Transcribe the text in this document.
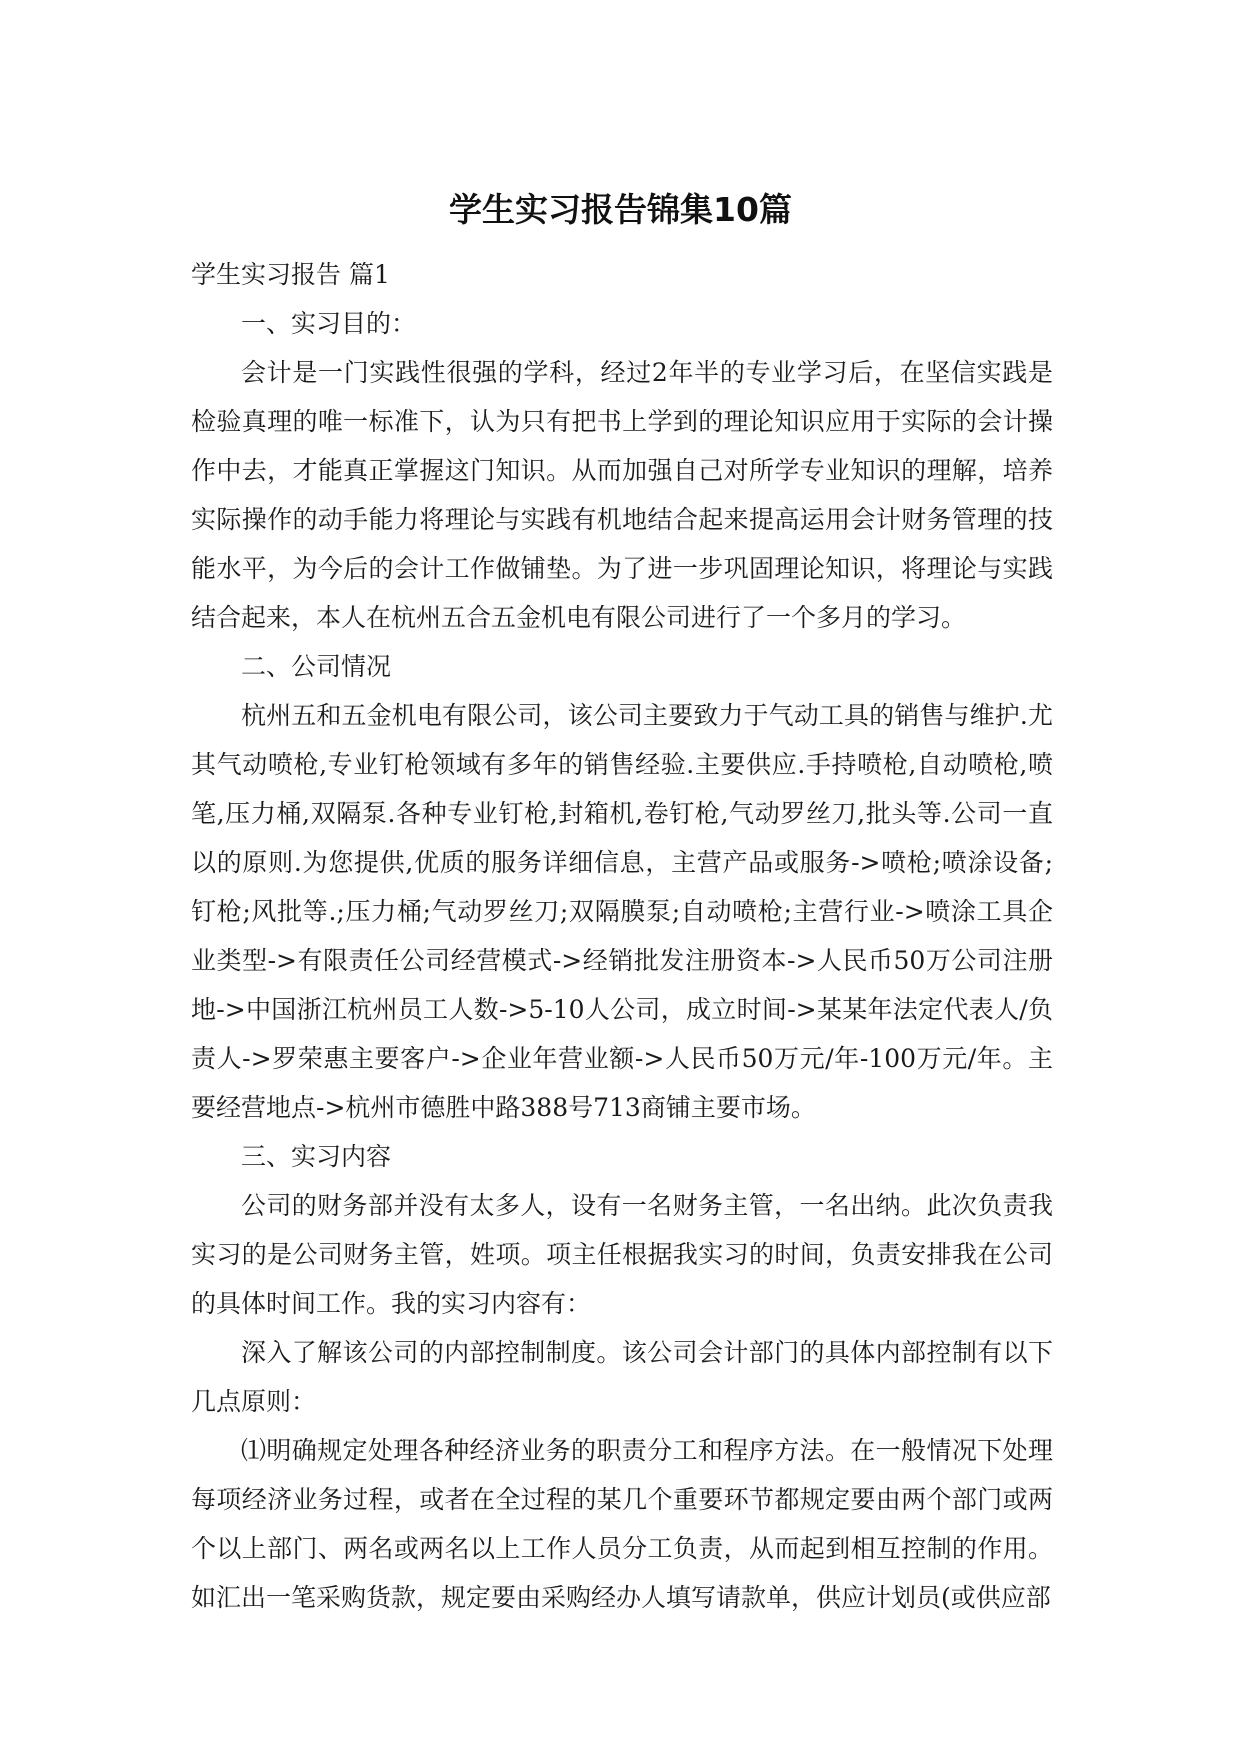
学生实习报告锦集10篇

学生实习报告 篇1

一、实习目的：

会计是一门实践性很强的学科，经过2年半的专业学习后，在坚信实践是检验真理的唯一标准下，认为只有把书上学到的理论知识应用于实际的会计操作中去，才能真正掌握这门知识。从而加强自己对所学专业知识的理解，培养实际操作的动手能力将理论与实践有机地结合起来提高运用会计财务管理的技能水平，为今后的会计工作做铺垫。为了进一步巩固理论知识，将理论与实践结合起来，本人在杭州五合五金机电有限公司进行了一个多月的学习。

二、公司情况

杭州五和五金机电有限公司，该公司主要致力于气动工具的销售与维护.尤其气动喷枪,专业钉枪领域有多年的销售经验.主要供应.手持喷枪,自动喷枪,喷笔,压力桶,双隔泵.各种专业钉枪,封箱机,卷钉枪,气动罗丝刀,批头等.公司一直以的原则.为您提供,优质的服务详细信息，主营产品或服务->喷枪;喷涂设备;钉枪;风批等.;压力桶;气动罗丝刀;双隔膜泵;自动喷枪;主营行业->喷涂工具企业类型->有限责任公司经营模式->经销批发注册资本->人民币50万公司注册地->中国浙江杭州员工人数->5-10人公司，成立时间->某某年法定代表人/负责人->罗荣惠主要客户->企业年营业额->人民币50万元/年-100万元/年。主要经营地点->杭州市德胜中路388号713商铺主要市场。

三、实习内容

公司的财务部并没有太多人，设有一名财务主管，一名出纳。此次负责我实习的是公司财务主管，姓项。项主任根据我实习的时间，负责安排我在公司的具体时间工作。我的实习内容有：

深入了解该公司的内部控制制度。该公司会计部门的具体内部控制有以下几点原则：

⑴明确规定处理各种经济业务的职责分工和程序方法。在一般情况下处理每项经济业务过程，或者在全过程的某几个重要环节都规定要由两个部门或两个以上部门、两名或两名以上工作人员分工负责，从而起到相互控制的作用。如汇出一笔采购货款，规定要由采购经办人填写请款单，供应计划员(或供应部
